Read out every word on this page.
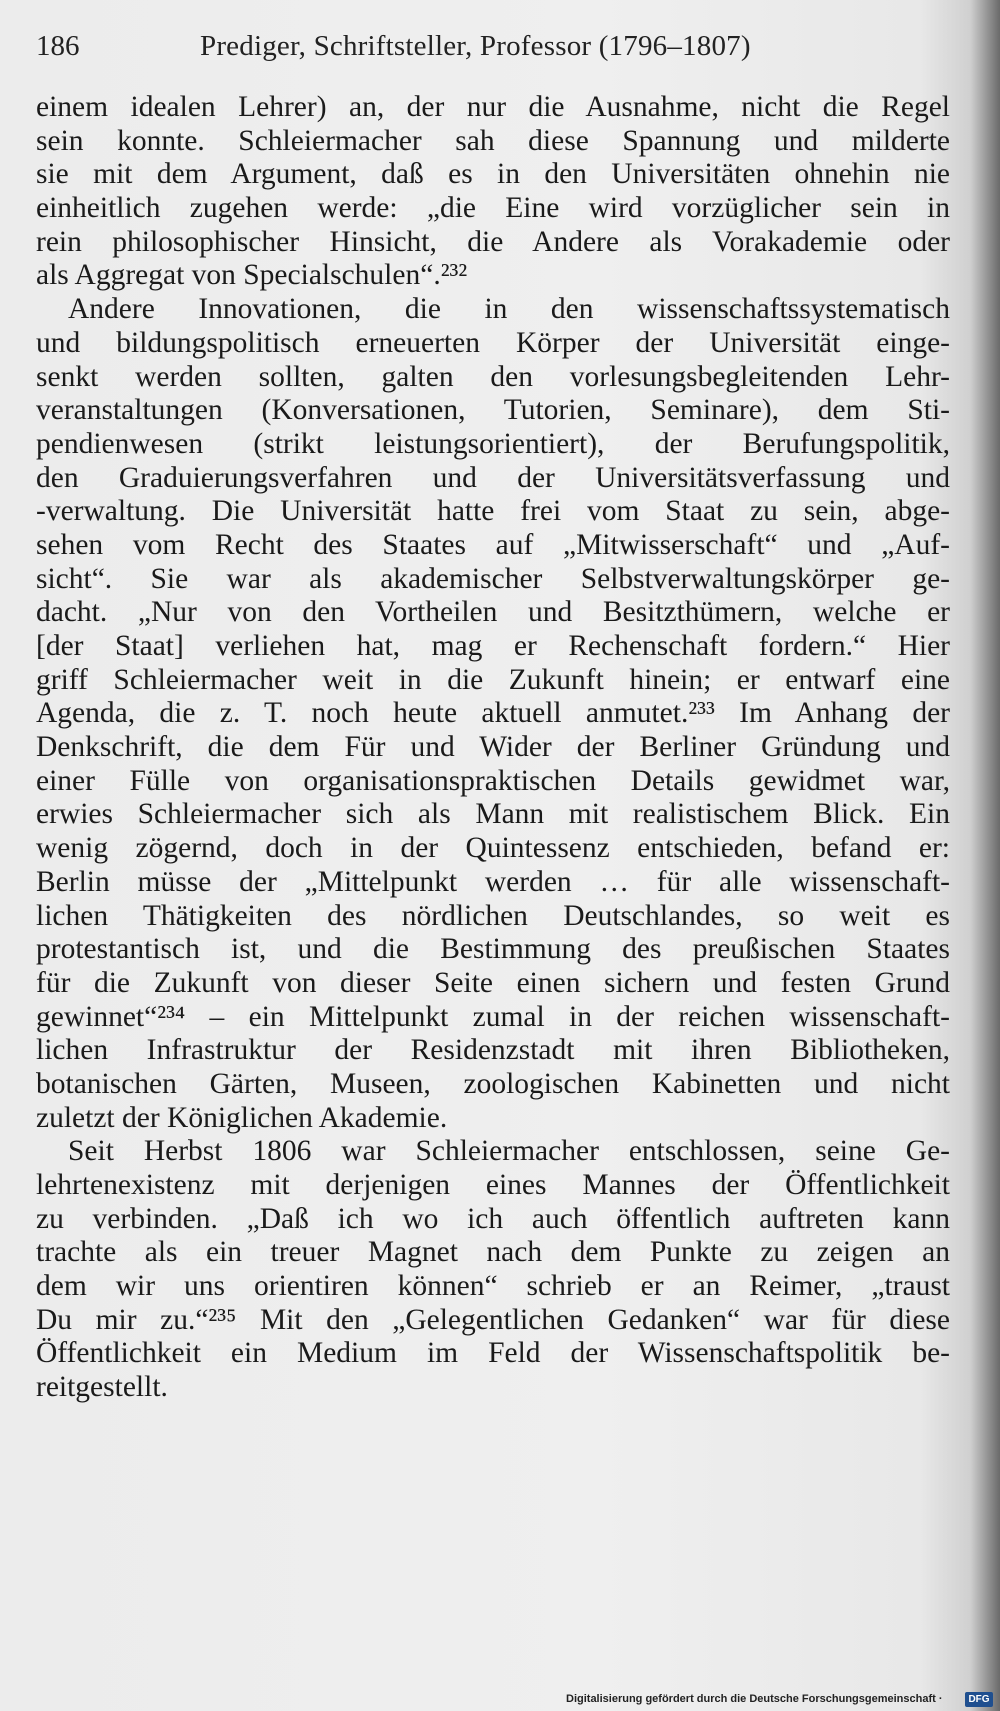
186	Prediger, Schriftsteller, Professor (1796–1807)
einem idealen Lehrer) an, der nur die Ausnahme, nicht die Regel
sein konnte. Schleiermacher sah diese Spannung und milderte
sie mit dem Argument, daß es in den Universitäten ohnehin nie
einheitlich zugehen werde: „die Eine wird vorzüglicher sein in
rein philosophischer Hinsicht, die Andere als Vorakademie oder
als Aggregat von Specialschulen“.²³²
Andere Innovationen, die in den wissenschaftssystematisch
und bildungspolitisch erneuerten Körper der Universität einge-
senkt werden sollten, galten den vorlesungsbegleitenden Lehr-
veranstaltungen (Konversationen, Tutorien, Seminare), dem Sti-
pendienwesen (strikt leistungsorientiert), der Berufungspolitik,
den Graduierungsverfahren und der Universitätsverfassung und
-verwaltung. Die Universität hatte frei vom Staat zu sein, abge-
sehen vom Recht des Staates auf „Mitwisserschaft“ und „Auf-
sicht“. Sie war als akademischer Selbstverwaltungskörper ge-
dacht. „Nur von den Vortheilen und Besitzthümern, welche er
[der Staat] verliehen hat, mag er Rechenschaft fordern.“ Hier
griff Schleiermacher weit in die Zukunft hinein; er entwarf eine
Agenda, die z. T. noch heute aktuell anmutet.²³³ Im Anhang der
Denkschrift, die dem Für und Wider der Berliner Gründung und
einer Fülle von organisationspraktischen Details gewidmet war,
erwies Schleiermacher sich als Mann mit realistischem Blick. Ein
wenig zögernd, doch in der Quintessenz entschieden, befand er:
Berlin müsse der „Mittelpunkt werden … für alle wissenschaft-
lichen Thätigkeiten des nördlichen Deutschlandes, so weit es
protestantisch ist, und die Bestimmung des preußischen Staates
für die Zukunft von dieser Seite einen sichern und festen Grund
gewinnet“²³⁴ – ein Mittelpunkt zumal in der reichen wissenschaft-
lichen Infrastruktur der Residenzstadt mit ihren Bibliotheken,
botanischen Gärten, Museen, zoologischen Kabinetten und nicht
zuletzt der Königlichen Akademie.
Seit Herbst 1806 war Schleiermacher entschlossen, seine Ge-
lehrtenexistenz mit derjenigen eines Mannes der Öffentlichkeit
zu verbinden. „Daß ich wo ich auch öffentlich auftreten kann
trachte als ein treuer Magnet nach dem Punkte zu zeigen an
dem wir uns orientiren können“ schrieb er an Reimer, „traust
Du mir zu.“²³⁵ Mit den „Gelegentlichen Gedanken“ war für diese
Öffentlichkeit ein Medium im Feld der Wissenschaftspolitik be-
reitgestellt.
Digitalisierung gefördert durch die Deutsche Forschungsgemeinschaft ·	DFG
